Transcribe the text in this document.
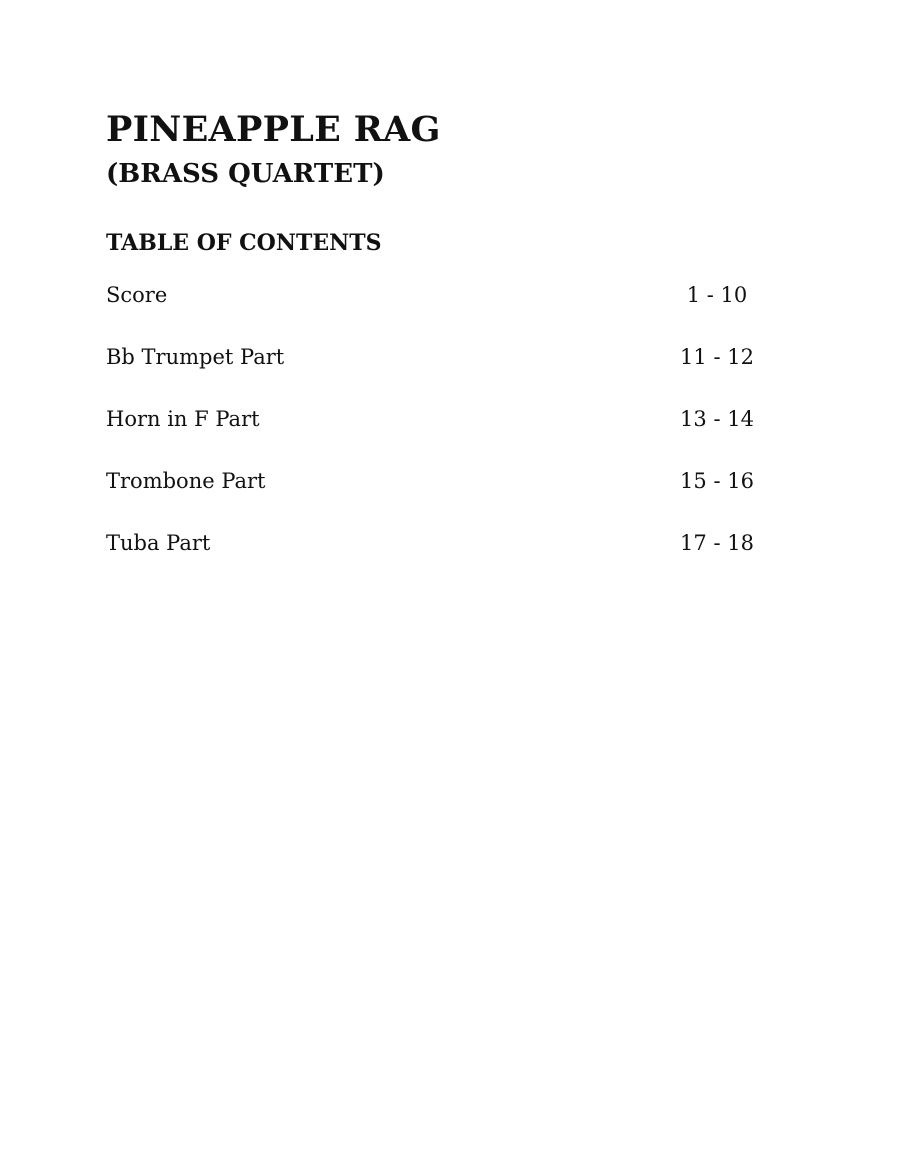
PINEAPPLE RAG
(BRASS QUARTET)
TABLE OF CONTENTS
Score	1 - 10
Bb Trumpet Part	11 - 12
Horn in F Part	13 - 14
Trombone Part	15 - 16
Tuba Part	17 - 18
